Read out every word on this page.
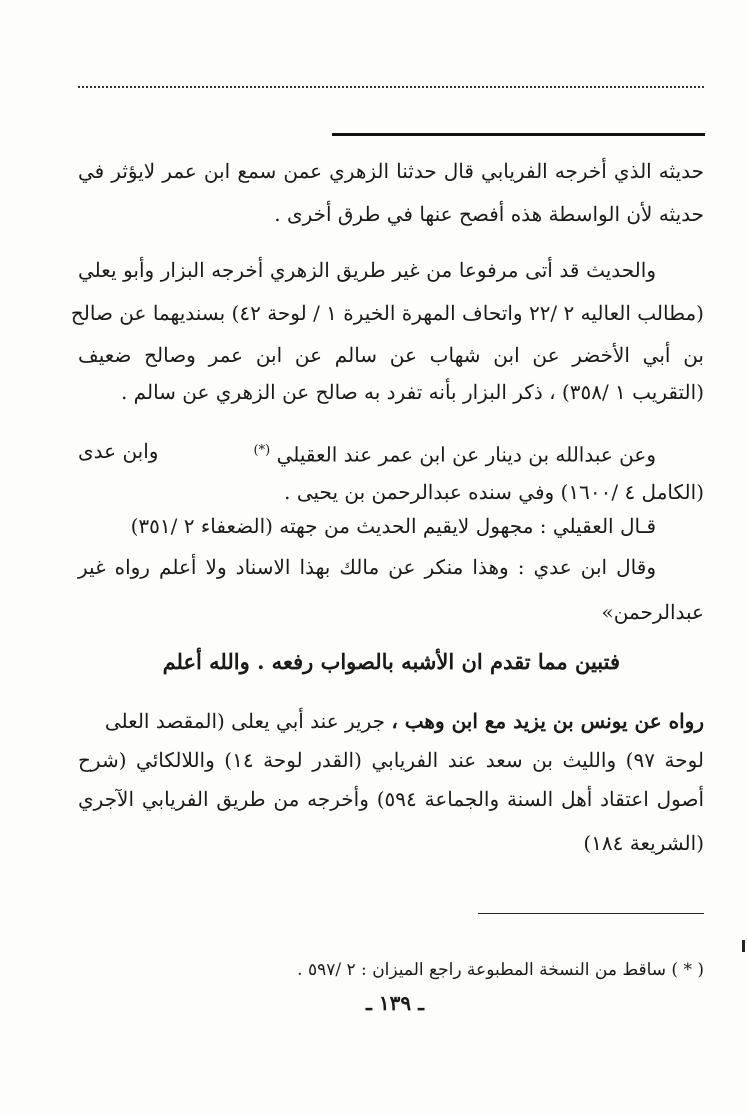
حديثه الذي أخرجه الفريابي قال حدثنا الزهري عمن سمع ابن عمر لايؤثر في
حديثه لأن الواسطة هذه أفصح عنها في طرق أخرى .
والحديث قد أتى مرفوعا من غير طريق الزهري أخرجه البزار وأبو يعلي
(مطالب العاليه ٢ /٢٢ واتحاف المهرة الخيرة ١ / لوحة ٤٢) بسنديهما عن صالح
بن أبي الأخضر عن ابن شهاب عن سالم عن ابن عمر وصالح ضعيف
(التقريب ١ /٣٥٨) ، ذكر البزار بأنه تفرد به صالح عن الزهري عن سالم .
وعن عبدالله بن دينار عن ابن عمر عند العقيلي (*)
وابن عدى
(الكامل ٤ /١٦٠٠) وفي سنده عبدالرحمن بن يحيى .
قـال العقيلي : مجهول لايقيم الحديث من جهته (الضعفاء ٢ /٣٥١)
وقال ابن عدي : وهذا منكر عن مالك بهذا الاسناد ولا أعلم رواه غير
عبدالرحمن»
فتبين مما تقدم ان الأشبه بالصواب رفعه . والله أعلم
رواه عن يونس بن يزيد مع ابن وهب ، جرير عند أبي يعلى (المقصد العلى
لوحة ٩٧) والليث بن سعد عند الفريابي (القدر لوحة ١٤) واللالكائي (شرح
أصول اعتقاد أهل السنة والجماعة ٥٩٤) وأخرجه من طريق الفريابي الآجري
(الشريعة ١٨٤)
( * ) ساقط من النسخة المطبوعة راجع الميزان : ٢ /٥٩٧ .
ـ ١٣٩ ـ
